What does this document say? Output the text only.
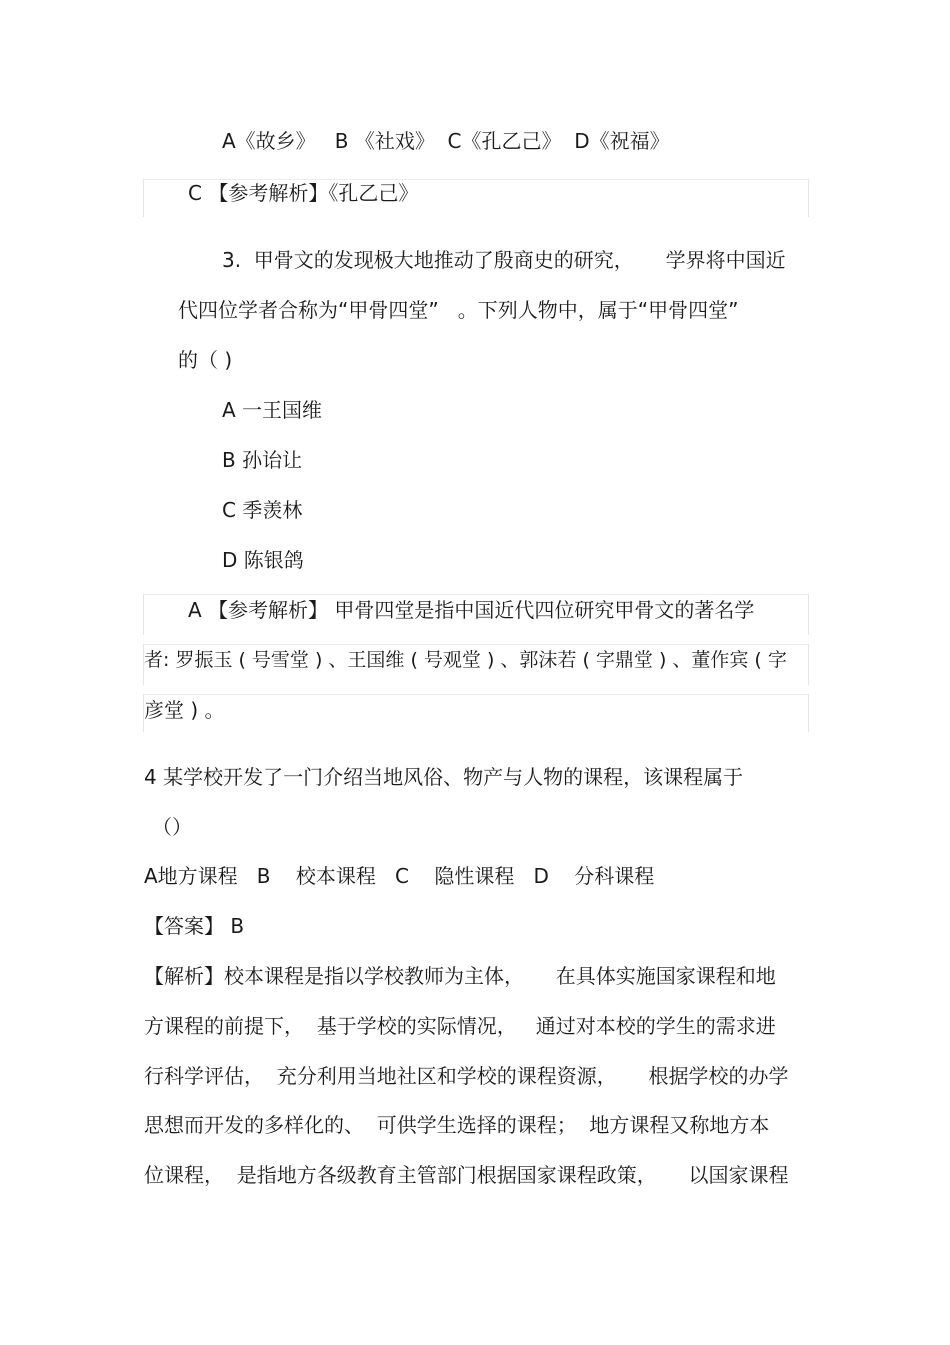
A《故乡》   B 《社戏》  C《孔乙己》  D《祝福》
C 【参考解析】《孔乙己》
3.  甲骨文的发现极大地推动了殷商史的研究，     学界将中国近
代四位学者合称为“甲骨四堂”   。下列人物中，属于“甲骨四堂”
的（ )
A 一王国维
B 孙诒让
C 季羡林
D 陈银鸽
A 【参考解析】 甲骨四堂是指中国近代四位研究甲骨文的著名学
者: 罗振玉 ( 号雪堂 ) 、王国维 ( 号观堂 ) 、郭沫若 ( 字鼎堂 ) 、董作宾 ( 字
彦堂 ) 。
4 某学校开发了一门介绍当地风俗、物产与人物的课程，该课程属于
（）
A地方课程   B    校本课程   C    隐性课程   D    分科课程
【答案】 B
【解析】校本课程是指以学校教师为主体，     在具体实施国家课程和地
方课程的前提下，  基于学校的实际情况，   通过对本校的学生的需求进
行科学评估，  充分利用当地社区和学校的课程资源，     根据学校的办学
思想而开发的多样化的、  可供学生选择的课程；  地方课程又称地方本
位课程，  是指地方各级教育主管部门根据国家课程政策，     以国家课程
